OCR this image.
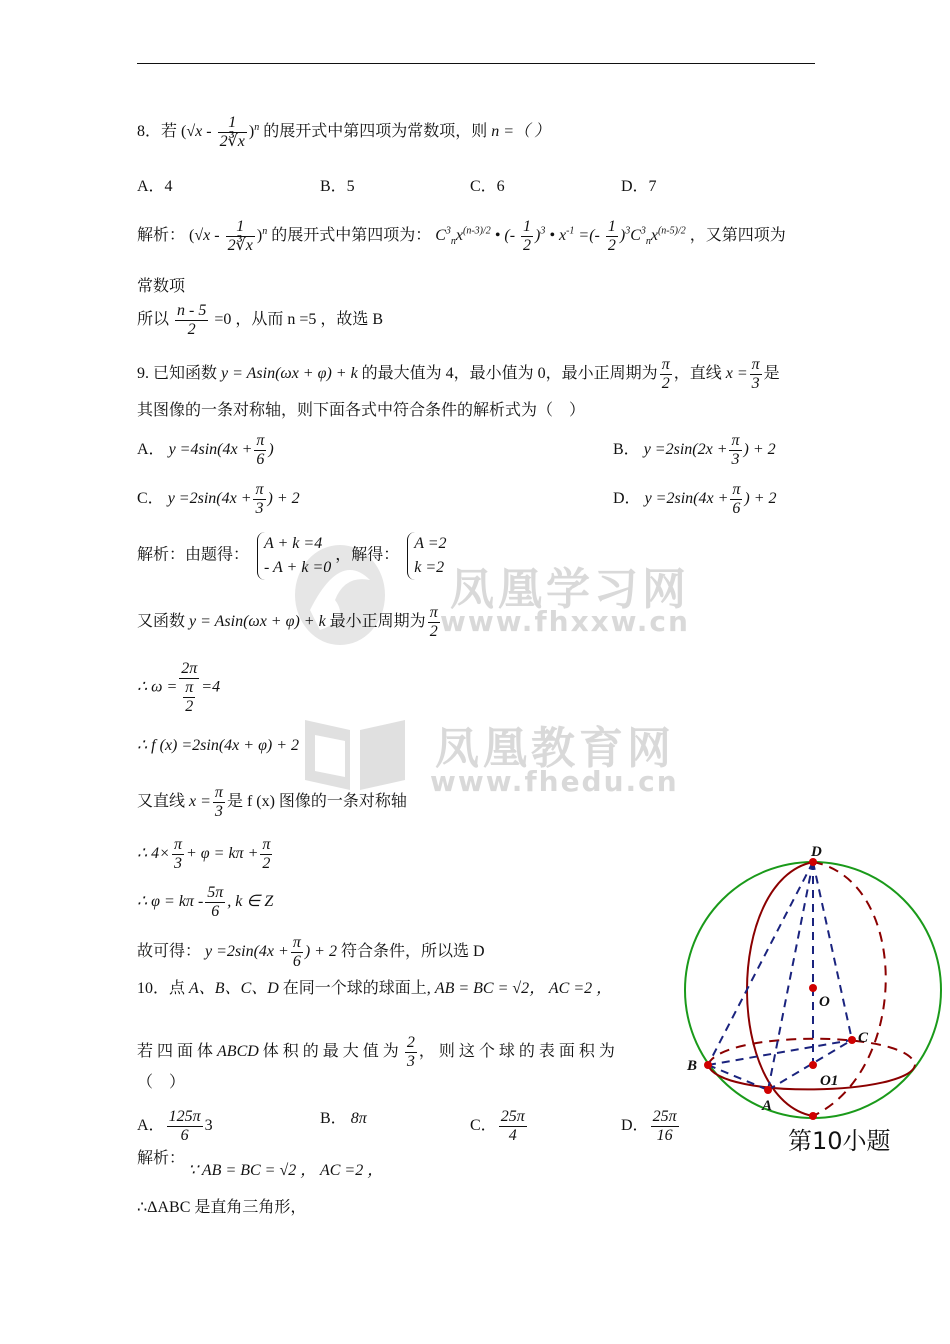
凤凰学习网
www.fhxxw.cn
凤凰教育网
www.fhedu.cn
8．若 $(√x - \frac{1}{2∛x} )^n$ 的展开式中第四项为常数项，则 n =（ ）
A．4	B．5	C．6	D．7
解析： $(√x - \frac{1}{2∛x} )^n$ 的展开式中第四项为： $C^3_nx^{(n-3)/2}$ • (- $\frac{1}{2} )^3$ • $x^{-1}$ =(- $\frac{1}{2} )^3C^3_nx^{(n-5)/2}$ ，又第四项为
常数项
所以 $\frac{n - 5}{2} =0$ ，从而 n =5 ，故选 B
9. 已知函数 y = Asin(ωx + φ) + k 的最大值为 4，最小值为 0，最小正周期为 $\frac{\pi}{2}$ ，直线 $x = \frac{\pi}{3}$ 是
其图像的一条对称轴，则下面各式中符合条件的解析式为（　）
A． $y =4\sin(4x + \frac{\pi}{6}$ )	B． $y =2\sin(2x + \frac{\pi}{3}$ ) + 2
C． $y =2\sin(4x + \frac{\pi}{3}$ ) + 2	D． $y =2\sin(4x + \frac{\pi}{6}$ ) + 2
解析：由题得：
A + k =4
- A + k =0
，解得：
A =2
k =2
又函数 y = Asin(ωx + φ) + k 最小正周期为 $\frac{\pi}{2}$
∴ $\omega = \frac{2\pi}{\frac{\pi}{2}} =4$
∴ f (x) =2sin(4x + φ) + 2
又直线 $x = \frac{\pi}{3}$ 是 f (x) 图像的一条对称轴
∴ $4\times \frac{\pi}{3} + \varphi = k\pi + \frac{\pi}{2}$
∴ $\varphi = k\pi - \frac{5\pi}{6}$ , k ∈ Z
故可得： $y =2\sin(4x + \frac{\pi}{6}$ ) + 2 符合条件，所以选 D
10．点 A、B、C、D 在同一个球的球面上, AB = BC = √2， AC =2 ，
若 四 面 体 ABCD 体 积 的 最 大 值 为 $\frac{2}{3}$ ， 则 这 个 球 的 表 面 积 为
（　）
A． $\frac{125\pi}{6} 3$	B． 8π	C． $\frac{25\pi}{4}$	D． $\frac{25\pi}{16}$
解析：
∵ AB = BC = √2 ， AC =2 ，
∴ΔABC 是直角三角形，
D
O
C
B
O1
A
第10小题
